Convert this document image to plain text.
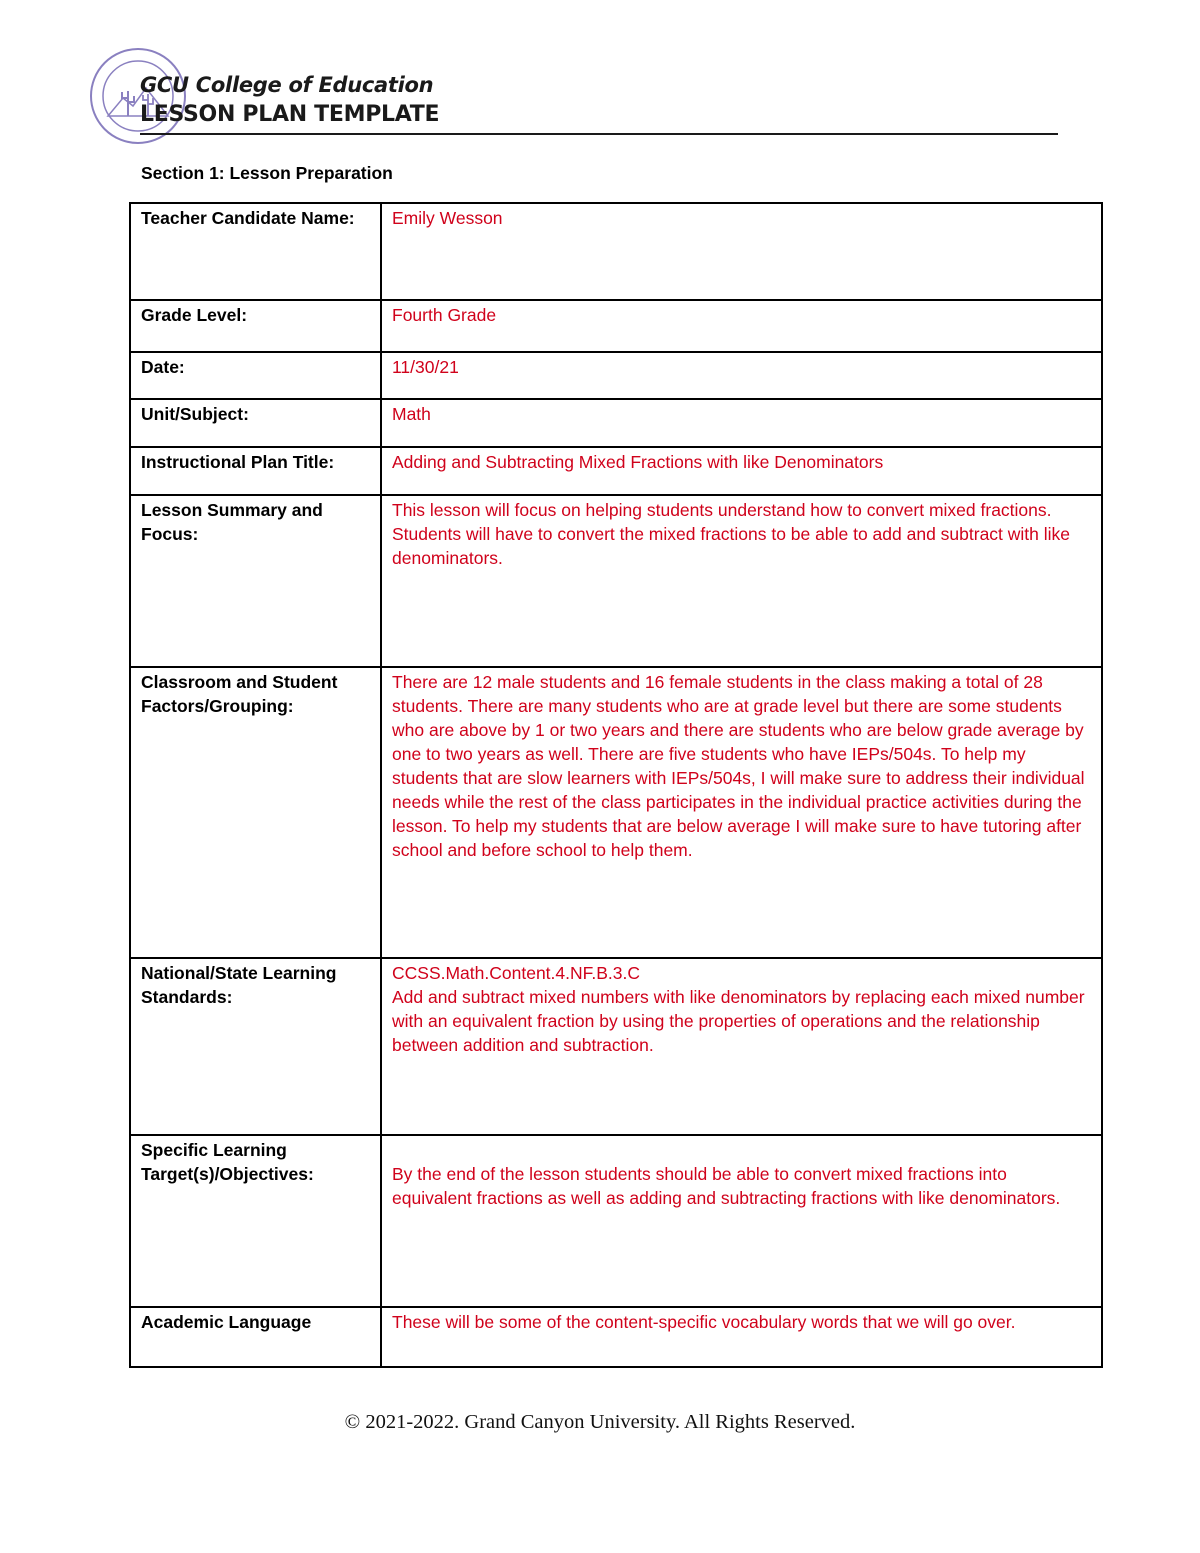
GCU College of Education
LESSON PLAN TEMPLATE
Section 1: Lesson Preparation
Teacher Candidate Name:	Emily Wesson
Grade Level:	Fourth Grade
Date:	11/30/21
Unit/Subject:	Math
Instructional Plan Title:	Adding and Subtracting Mixed Fractions with like Denominators
Lesson Summary and Focus:	This lesson will focus on helping students understand how to convert mixed fractions. Students will have to convert the mixed fractions to be able to add and subtract with like denominators.
Classroom and Student Factors/Grouping:	There are 12 male students and 16 female students in the class making a total of 28 students. There are many students who are at grade level but there are some students who are above by 1 or two years and there are students who are below grade average by one to two years as well. There are five students who have IEPs/504s. To help my students that are slow learners with IEPs/504s, I will make sure to address their individual needs while the rest of the class participates in the individual practice activities during the lesson. To help my students that are below average I will make sure to have tutoring after school and before school to help them.
National/State Learning Standards:	CCSS.Math.Content.4.NF.B.3.C
Add and subtract mixed numbers with like denominators by replacing each mixed number with an equivalent fraction by using the properties of operations and the relationship between addition and subtraction.

Specific Learning Target(s)/Objectives:	By the end of the lesson students should be able to convert mixed fractions into equivalent fractions as well as adding and subtracting fractions with like denominators.

Academic Language	These will be some of the content-specific vocabulary words that we will go over.
© 2021-2022. Grand Canyon University. All Rights Reserved.
